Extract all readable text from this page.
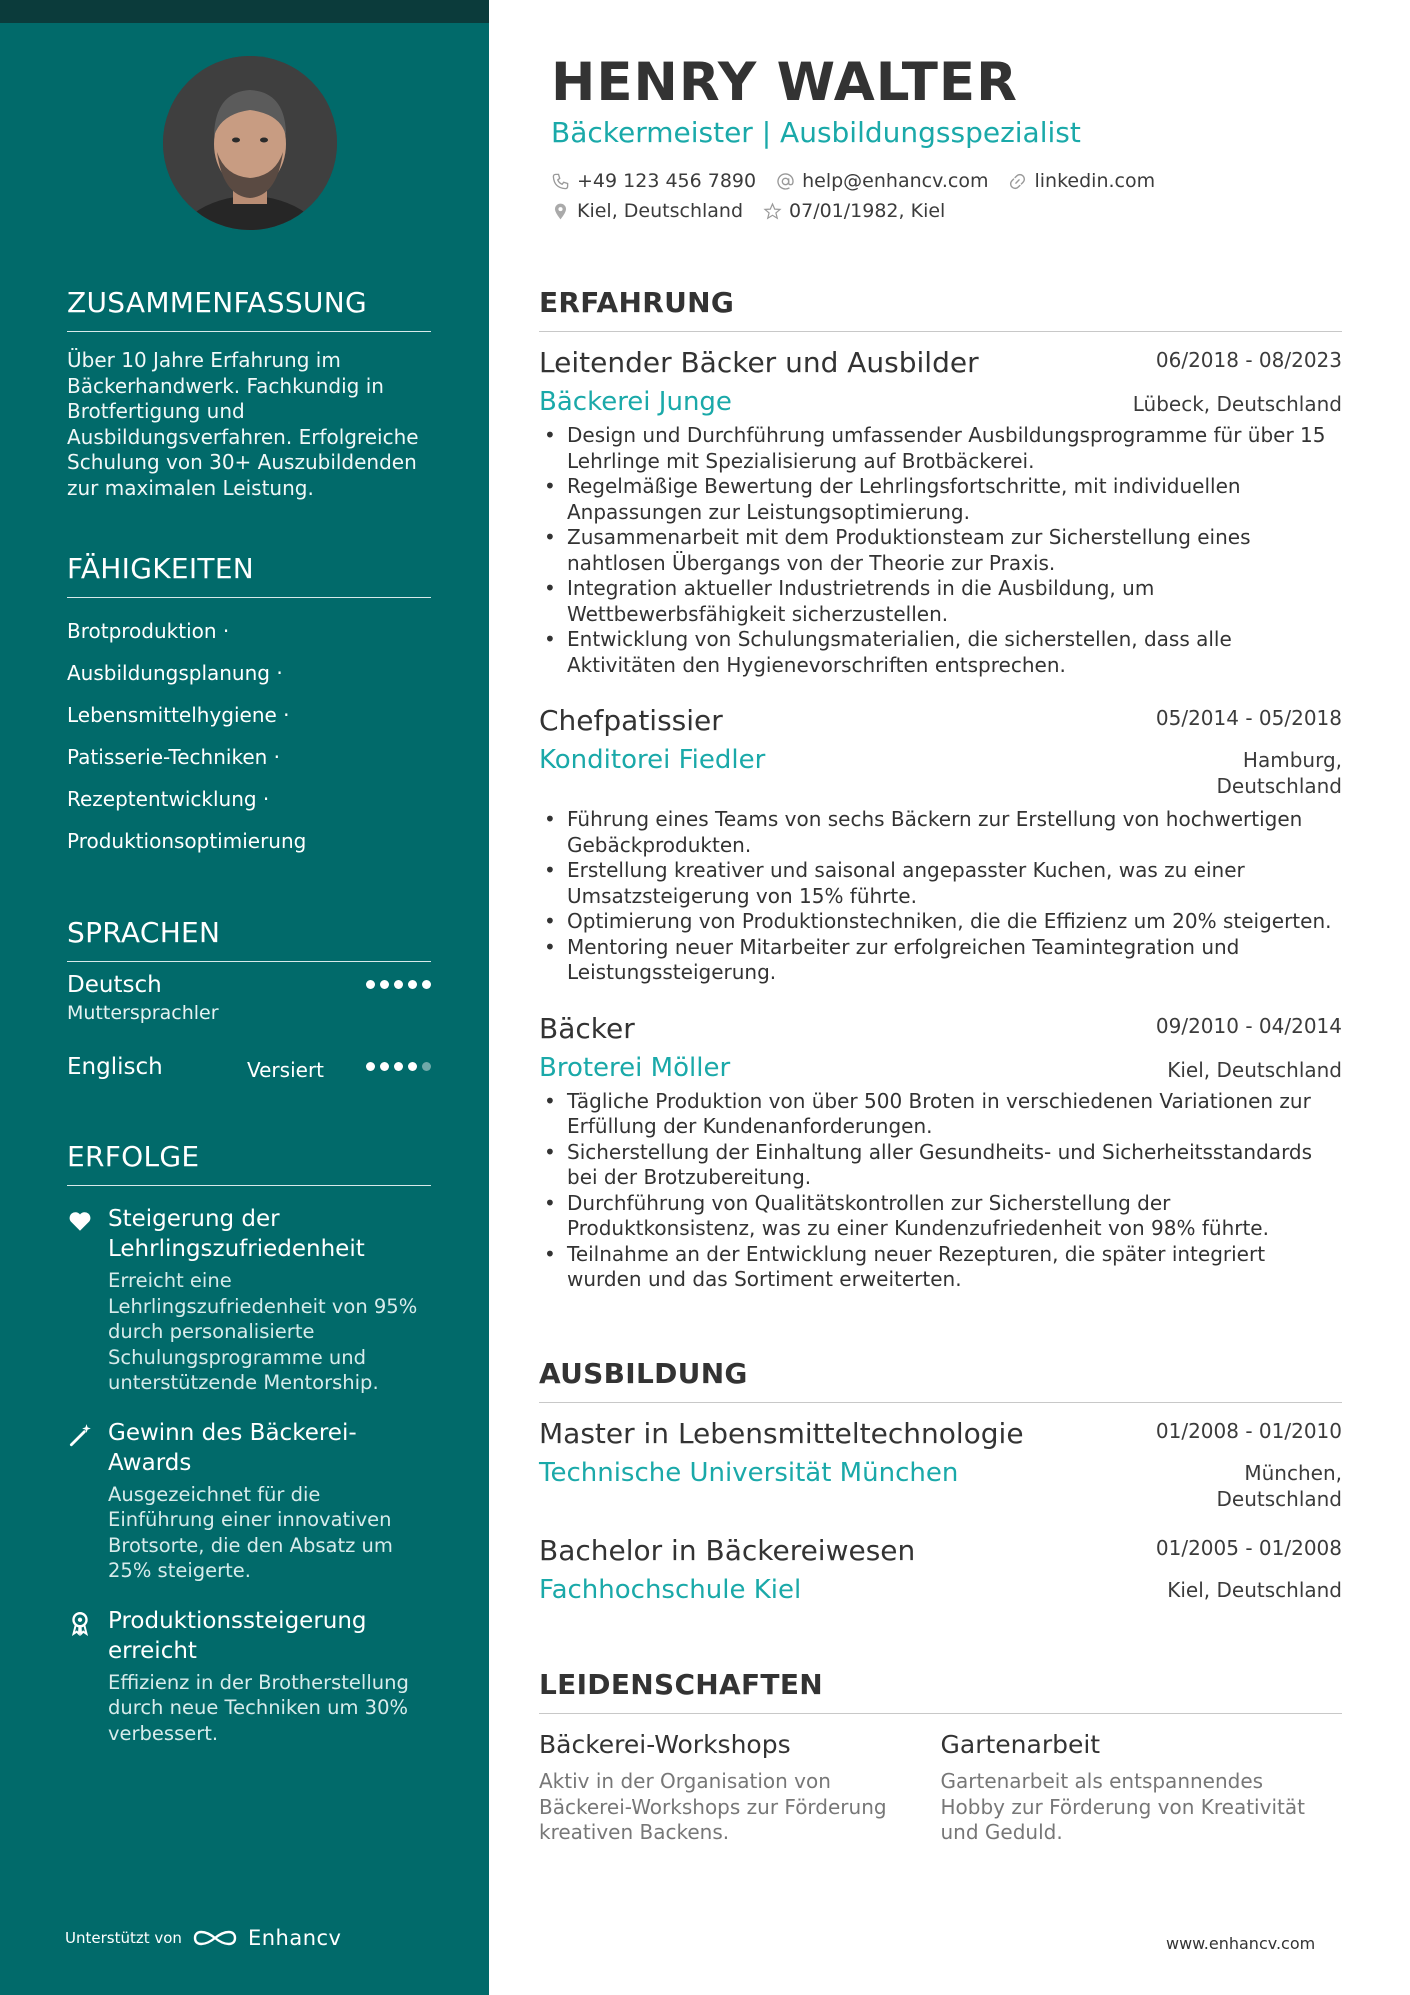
ZUSAMMENFASSUNG

Über 10 Jahre Erfahrung im Bäckerhandwerk. Fachkundig in Brotfertigung und Ausbildungsverfahren. Erfolgreiche Schulung von 30+ Auszubildenden zur maximalen Leistung.

FÄHIGKEITEN
Brotproduktion ·
Ausbildungsplanung ·
Lebensmittelhygiene ·
Patisserie-Techniken ·
Rezeptentwicklung ·
Produktionsoptimierung
SPRACHEN
Deutsch
Muttersprachler
Englisch	Versiert
ERFOLGE
Steigerung der Lehrlingszufriedenheit
Erreicht eine Lehrlingszufriedenheit von 95% durch personalisierte Schulungsprogramme und unterstützende Mentorship.
Gewinn des Bäckerei-Awards
Ausgezeichnet für die Einführung einer innovativen Brotsorte, die den Absatz um 25% steigerte.
Produktionssteigerung erreicht
Effizienz in der Brotherstellung durch neue Techniken um 30% verbessert.
Unterstützt von	Enhancv
HENRY WALTER
Bäckermeister | Ausbildungsspezialist
+49 123 456 7890 help@enhancv.com linkedin.com
Kiel, Deutschland 07/01/1982, Kiel
ERFAHRUNG
Leitender Bäcker und Ausbilder	06/2018 - 08/2023
Bäckerei Junge	Lübeck, Deutschland
• Design und Durchführung umfassender Ausbildungsprogramme für über 15 Lehrlinge mit Spezialisierung auf Brotbäckerei.
• Regelmäßige Bewertung der Lehrlingsfortschritte, mit individuellen Anpassungen zur Leistungsoptimierung.
• Zusammenarbeit mit dem Produktionsteam zur Sicherstellung eines nahtlosen Übergangs von der Theorie zur Praxis.
• Integration aktueller Industrietrends in die Ausbildung, um Wettbewerbsfähigkeit sicherzustellen.
• Entwicklung von Schulungsmaterialien, die sicherstellen, dass alle Aktivitäten den Hygienevorschriften entsprechen.
Chefpatissier	05/2014 - 05/2018
Konditorei Fiedler	Hamburg,
Deutschland
• Führung eines Teams von sechs Bäckern zur Erstellung von hochwertigen Gebäckprodukten.
• Erstellung kreativer und saisonal angepasster Kuchen, was zu einer Umsatzsteigerung von 15% führte.
• Optimierung von Produktionstechniken, die die Effizienz um 20% steigerten.
• Mentoring neuer Mitarbeiter zur erfolgreichen Teamintegration und Leistungssteigerung.
Bäcker	09/2010 - 04/2014
Broterei Möller	Kiel, Deutschland
• Tägliche Produktion von über 500 Broten in verschiedenen Variationen zur Erfüllung der Kundenanforderungen.
• Sicherstellung der Einhaltung aller Gesundheits- und Sicherheitsstandards bei der Brotzubereitung.
• Durchführung von Qualitätskontrollen zur Sicherstellung der Produktkonsistenz, was zu einer Kundenzufriedenheit von 98% führte.
• Teilnahme an der Entwicklung neuer Rezepturen, die später integriert wurden und das Sortiment erweiterten.
AUSBILDUNG
Master in Lebensmitteltechnologie	01/2008 - 01/2010
Technische Universität München	München,
Deutschland
Bachelor in Bäckereiwesen	01/2005 - 01/2008
Fachhochschule Kiel	Kiel, Deutschland
LEIDENSCHAFTEN
Bäckerei-Workshops
Aktiv in der Organisation von Bäckerei-Workshops zur Förderung kreativen Backens.
Gartenarbeit
Gartenarbeit als entspannendes Hobby zur Förderung von Kreativität und Geduld.
www.enhancv.com
